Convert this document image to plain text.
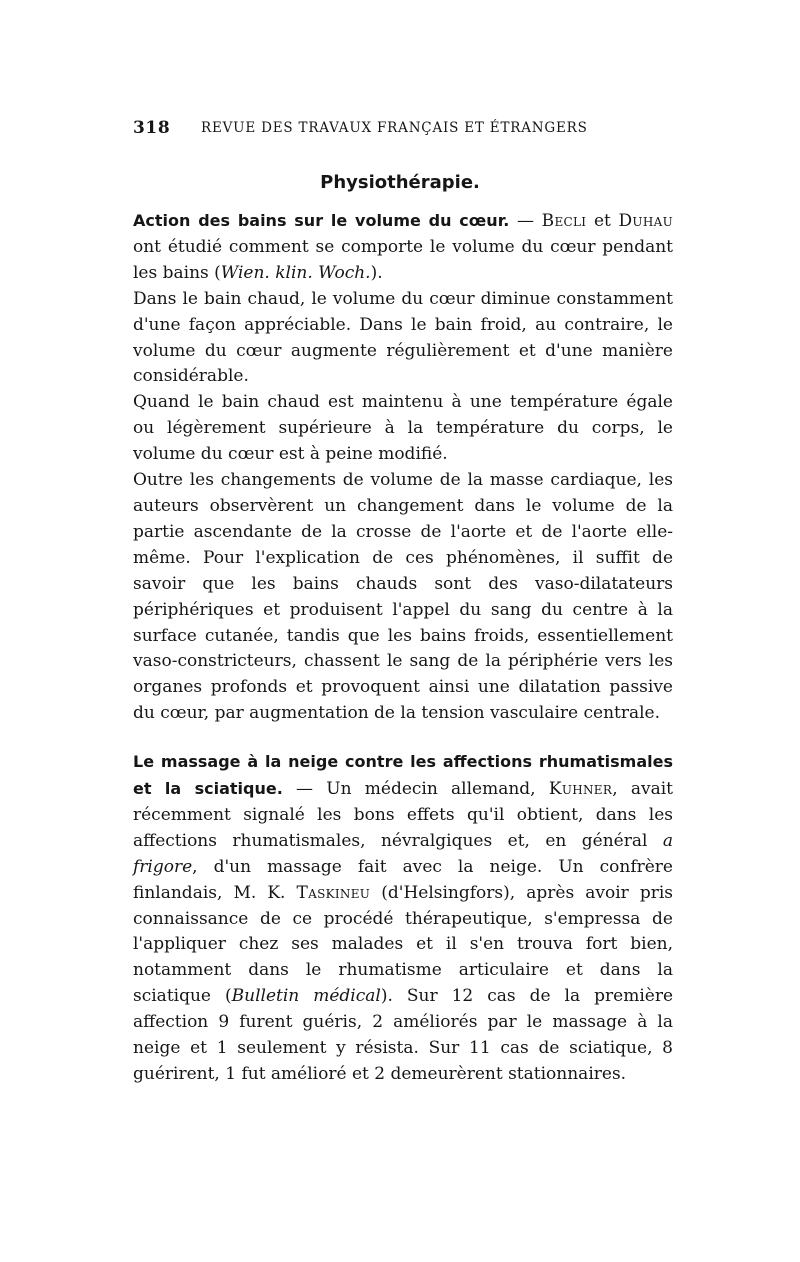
318 REVUE DES TRAVAUX FRANÇAIS ET ÉTRANGERS
Physiothérapie.

Action des bains sur le volume du cœur. — Becli et Duhau ont étudié comment se comporte le volume du cœur pendant les bains (Wien. klin. Woch.).

Dans le bain chaud, le volume du cœur diminue constamment d'une façon appréciable. Dans le bain froid, au contraire, le volume du cœur augmente régulièrement et d'une manière considérable.

Quand le bain chaud est maintenu à une température égale ou légèrement supérieure à la température du corps, le volume du cœur est à peine modifié.

Outre les changements de volume de la masse cardiaque, les auteurs observèrent un changement dans le volume de la partie ascendante de la crosse de l'aorte et de l'aorte elle-même. Pour l'explication de ces phénomènes, il suffit de savoir que les bains chauds sont des vaso-dilatateurs périphériques et produisent l'appel du sang du centre à la surface cutanée, tandis que les bains froids, essentiellement vaso-constricteurs, chassent le sang de la périphérie vers les organes profonds et provoquent ainsi une dilatation passive du cœur, par augmentation de la tension vasculaire centrale.

Le massage à la neige contre les affections rhumatismales et la sciatique. — Un médecin allemand, Kuhner, avait récemment signalé les bons effets qu'il obtient, dans les affections rhumatismales, névralgiques et, en général a frigore, d'un massage fait avec la neige. Un confrère finlandais, M. K. Taskineu (d'Helsingfors), après avoir pris connaissance de ce procédé thérapeutique, s'empressa de l'appliquer chez ses malades et il s'en trouva fort bien, notamment dans le rhumatisme articulaire et dans la sciatique (Bulletin médical). Sur 12 cas de la première affection 9 furent guéris, 2 améliorés par le massage à la neige et 1 seulement y résista. Sur 11 cas de sciatique, 8 guérirent, 1 fut amélioré et 2 demeurèrent stationnaires.
